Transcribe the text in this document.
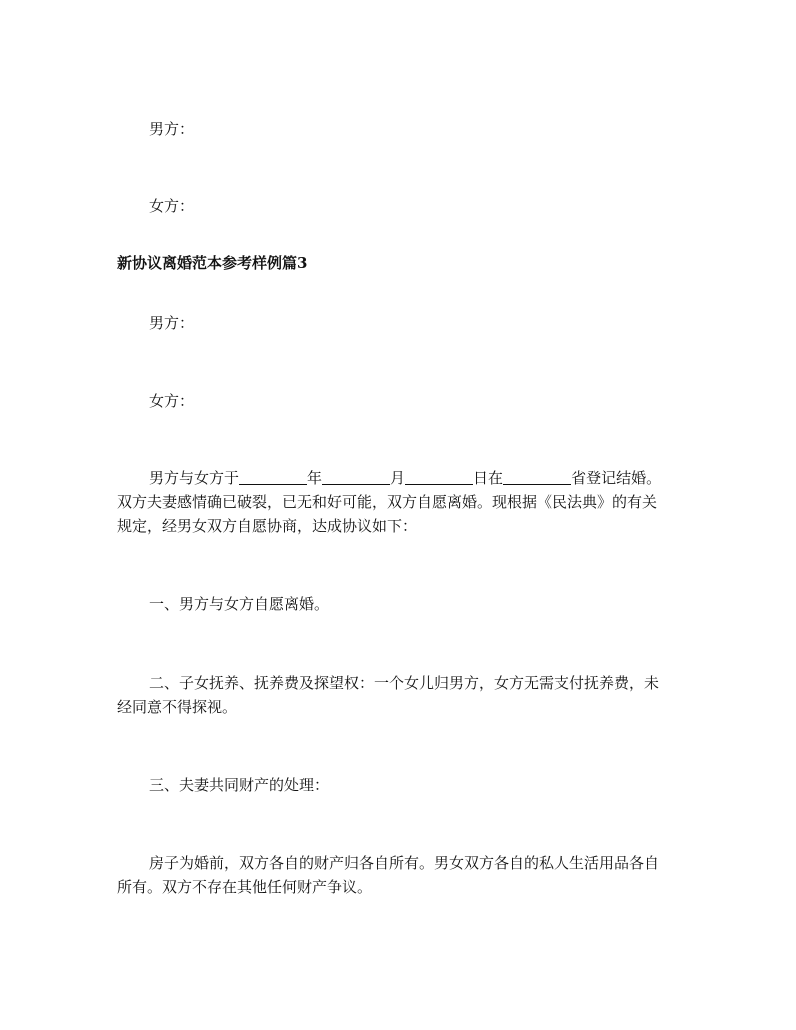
男方：
女方：
新协议离婚范本参考样例篇3
男方：
女方：
男方与女方于	年	月	日在	省登记结婚。
双方夫妻感情确已破裂，已无和好可能，双方自愿离婚。现根据《民法典》的有关
规定，经男女双方自愿协商，达成协议如下：
一、男方与女方自愿离婚。
二、子女抚养、抚养费及探望权：一个女儿归男方，女方无需支付抚养费，未
经同意不得探视。
三、夫妻共同财产的处理：
房子为婚前，双方各自的财产归各自所有。男女双方各自的私人生活用品各自
所有。双方不存在其他任何财产争议。
